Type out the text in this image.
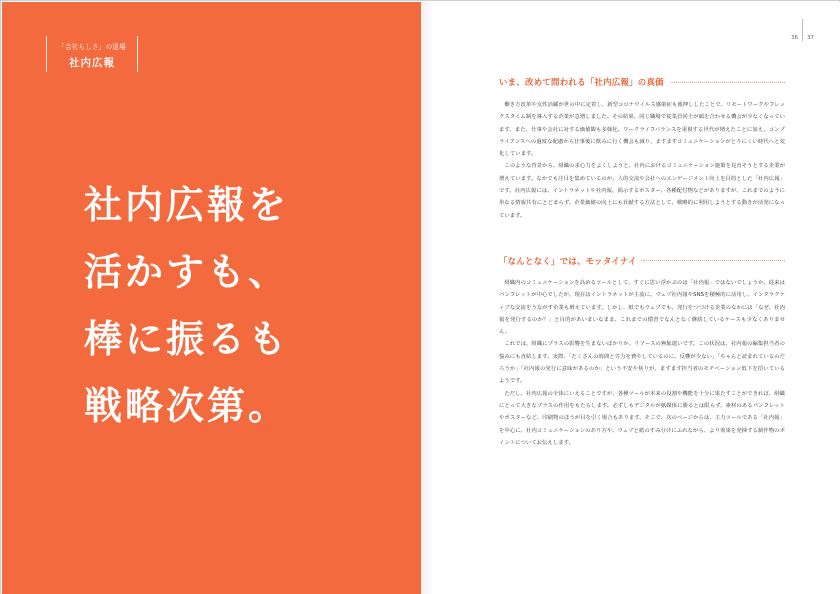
「会社らしさ」の退場
社内広報
社内広報を
活かすも、
棒に振るも
戦略次第。
36 37
いま、改めて問われる「社内広報」の真価

働き方改革や女性活躍が世の中に定着し、新型コロナウイルス感染症も後押ししたことで、リモートワークやフレックスタイム制を導入する企業が急増しました。その結果、同じ職場で従業員同士が顔を合わせる機会が少なくなっています。また、仕事や会社に対する価値観も多様化。ワークライフバランスを重視する世代が増えたことに加え、コンプライアンスへの過度な配慮から仕事後に飲みに行く機会も減り、ますますコミュニケーションがとりにくい時代へと変化しています。

このような背景から、組織の求心力をよくしようと、社内におけるコミュニケーション施策を見直そうとする企業が増えています。なかでも注目を集めているのが、人的交流や会社へのエンゲージメント向上を目的とした「社内広報」です。社内広報には、イントラネットや社内報、掲示するポスター、各種配付物などがありますが、これまでのように単なる情報共有にとどまらず、企業価値の向上にも貢献する方法として、戦略的に利用しようとする動きが活発になっています。

「なんとなく」では、モッタイナイ

組織内のコミュニケーションを高めるツールとして、すぐに思い浮かぶのは「社内報」ではないでしょうか。従来はパンフレットが中心でしたが、現在はイントラネットが主流に。ウェブ社内報やSNSを積極的に活用し、インタラクティブな交流をうながす企業も増えています。しかし、紙でもウェブでも、発行をつづける企業のなかには「なぜ、社内報を発行するのか？」と目的があいまいなまま、これまでの慣習でなんとなく継続しているケースも少なくありません。

これでは、組織にプラスの影響を生まないばかりか、リソースの無駄遣いです。この状況は、社内報の編集担当者の悩みにも直結します。実際、「たくさんの時間と労力を費やしているのに、反響が少ない」「ちゃんと読まれているのだろうか」「社内報の発行に意味があるのか」という不安や焦りが、ますます担当者のモチベーション低下を招いているようです。

ただし、社内広報の全体にいえることですが、各種ツールが本来の役割や機能を十分に果たすことができれば、組織にとって大きなプラスの作用をもたらします。必ずしもデジタルが紙媒体に勝るとは限らず、素材のあるパンフレットやポスターなど、印刷物のほうが目を引く場合もあります。そこで、次のページからは、主力ツールである「社内報」を中心に、社内コミュニケーションのあり方や、ウェブと紙のすみ分けにふれながら、より効果を発揮する制作物のポイントについてお伝えします。
